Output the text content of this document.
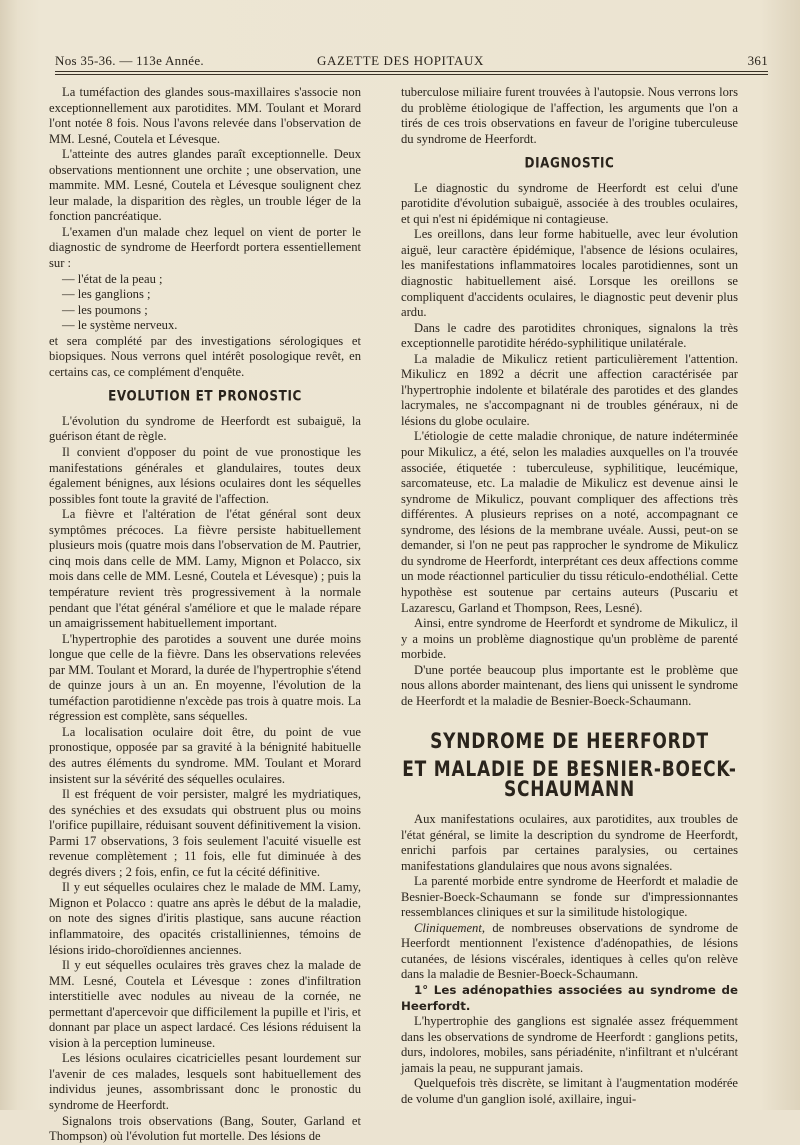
Nos 35-36. — 113e Année.	GAZETTE DES HOPITAUX	361

La tuméfaction des glandes sous-maxillaires s'associe non exceptionnellement aux parotidites. MM. Toulant et Morard l'ont notée 8 fois. Nous l'avons relevée dans l'observation de MM. Lesné, Coutela et Lévesque.

L'atteinte des autres glandes paraît exceptionnelle. Deux observations mentionnent une orchite ; une observation, une mammite. MM. Lesné, Coutela et Lévesque soulignent chez leur malade, la disparition des règles, un trouble léger de la fonction pancréatique.

L'examen d'un malade chez lequel on vient de porter le diagnostic de syndrome de Heerfordt portera essentiellement sur :

— l'état de la peau ;

— les ganglions ;

— les poumons ;

— le système nerveux.

et sera complété par des investigations sérologiques et biopsiques. Nous verrons quel intérêt posologique revêt, en certains cas, ce complément d'enquête.

EVOLUTION ET PRONOSTIC

L'évolution du syndrome de Heerfordt est subaiguë, la guérison étant de règle.

Il convient d'opposer du point de vue pronostique les manifestations générales et glandulaires, toutes deux également bénignes, aux lésions oculaires dont les séquelles possibles font toute la gravité de l'affection.

La fièvre et l'altération de l'état général sont deux symptômes précoces. La fièvre persiste habituellement plusieurs mois (quatre mois dans l'observation de M. Pautrier, cinq mois dans celle de MM. Lamy, Mignon et Polacco, six mois dans celle de MM. Lesné, Coutela et Lévesque) ; puis la température revient très progressivement à la normale pendant que l'état général s'améliore et que le malade répare un amaigrissement habituellement important.

L'hypertrophie des parotides a souvent une durée moins longue que celle de la fièvre. Dans les observations relevées par MM. Toulant et Morard, la durée de l'hypertrophie s'étend de quinze jours à un an. En moyenne, l'évolution de la tuméfaction parotidienne n'excède pas trois à quatre mois. La régression est complète, sans séquelles.

La localisation oculaire doit être, du point de vue pronostique, opposée par sa gravité à la bénignité habituelle des autres éléments du syndrome. MM. Toulant et Morard insistent sur la sévérité des séquelles oculaires.

Il est fréquent de voir persister, malgré les mydriatiques, des synéchies et des exsudats qui obstruent plus ou moins l'orifice pupillaire, réduisant souvent définitivement la vision. Parmi 17 observations, 3 fois seulement l'acuité visuelle est revenue complètement ; 11 fois, elle fut diminuée à des degrés divers ; 2 fois, enfin, ce fut la cécité définitive.

Il y eut séquelles oculaires chez le malade de MM. Lamy, Mignon et Polacco : quatre ans après le début de la maladie, on note des signes d'iritis plastique, sans aucune réaction inflammatoire, des opacités cristalliniennes, témoins de lésions irido-choroïdiennes anciennes.

Il y eut séquelles oculaires très graves chez la malade de MM. Lesné, Coutela et Lévesque : zones d'infiltration interstitielle avec nodules au niveau de la cornée, ne permettant d'apercevoir que difficilement la pupille et l'iris, et donnant par place un aspect lardacé. Ces lésions réduisent la vision à la perception lumineuse.

Les lésions oculaires cicatricielles pesant lourdement sur l'avenir de ces malades, lesquels sont habituellement des individus jeunes, assombrissant donc le pronostic du syndrome de Heerfordt.

Signalons trois observations (Bang, Souter, Garland et Thompson) où l'évolution fut mortelle. Des lésions de

tuberculose miliaire furent trouvées à l'autopsie. Nous verrons lors du problème étiologique de l'affection, les arguments que l'on a tirés de ces trois observations en faveur de l'origine tuberculeuse du syndrome de Heerfordt.

DIAGNOSTIC

Le diagnostic du syndrome de Heerfordt est celui d'une parotidite d'évolution subaiguë, associée à des troubles oculaires, et qui n'est ni épidémique ni contagieuse.

Les oreillons, dans leur forme habituelle, avec leur évolution aiguë, leur caractère épidémique, l'absence de lésions oculaires, les manifestations inflammatoires locales parotidiennes, sont un diagnostic habituellement aisé. Lorsque les oreillons se compliquent d'accidents oculaires, le diagnostic peut devenir plus ardu.

Dans le cadre des parotidites chroniques, signalons la très exceptionnelle parotidite hérédo-syphilitique unilatérale.

La maladie de Mikulicz retient particulièrement l'attention. Mikulicz en 1892 a décrit une affection caractérisée par l'hypertrophie indolente et bilatérale des parotides et des glandes lacrymales, ne s'accompagnant ni de troubles généraux, ni de lésions du globe oculaire.

L'étiologie de cette maladie chronique, de nature indéterminée pour Mikulicz, a été, selon les maladies auxquelles on l'a trouvée associée, étiquetée : tuberculeuse, syphilitique, leucémique, sarcomateuse, etc. La maladie de Mikulicz est devenue ainsi le syndrome de Mikulicz, pouvant compliquer des affections très différentes. A plusieurs reprises on a noté, accompagnant ce syndrome, des lésions de la membrane uvéale. Aussi, peut-on se demander, si l'on ne peut pas rapprocher le syndrome de Mikulicz du syndrome de Heerfordt, interprétant ces deux affections comme un mode réactionnel particulier du tissu réticulo-endothélial. Cette hypothèse est soutenue par certains auteurs (Puscariu et Lazarescu, Garland et Thompson, Rees, Lesné).

Ainsi, entre syndrome de Heerfordt et syndrome de Mikulicz, il y a moins un problème diagnostique qu'un problème de parenté morbide.

D'une portée beaucoup plus importante est le problème que nous allons aborder maintenant, des liens qui unissent le syndrome de Heerfordt et la maladie de Besnier-Boeck-Schaumann.

SYNDROME DE HEERFORDT
ET MALADIE DE BESNIER-BOECK-SCHAUMANN

Aux manifestations oculaires, aux parotidites, aux troubles de l'état général, se limite la description du syndrome de Heerfordt, enrichi parfois par certaines paralysies, ou certaines manifestations glandulaires que nous avons signalées.

La parenté morbide entre syndrome de Heerfordt et maladie de Besnier-Boeck-Schaumann se fonde sur d'impressionnantes ressemblances cliniques et sur la similitude histologique.

Cliniquement, de nombreuses observations de syndrome de Heerfordt mentionnent l'existence d'adénopathies, de lésions cutanées, de lésions viscérales, identiques à celles qu'on relève dans la maladie de Besnier-Boeck-Schaumann.

1° Les adénopathies associées au syndrome de Heerfordt.

L'hypertrophie des ganglions est signalée assez fréquemment dans les observations de syndrome de Heerfordt : ganglions petits, durs, indolores, mobiles, sans périadénite, n'infiltrant et n'ulcérant jamais la peau, ne suppurant jamais.

Quelquefois très discrète, se limitant à l'augmentation modérée de volume d'un ganglion isolé, axillaire, ingui-
